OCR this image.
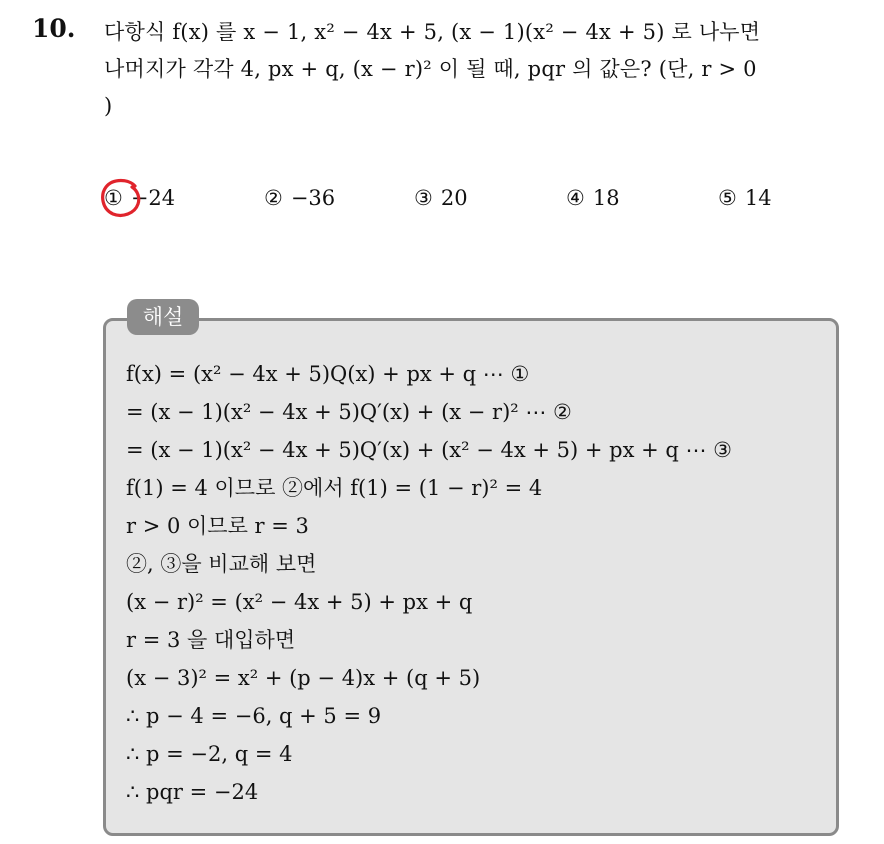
10. 다항식 f(x) 를 x − 1, x² − 4x + 5, (x − 1)(x² − 4x + 5) 로 나누면
나머지가 각각 4, px + q, (x − r)² 이 될 때, pqr 의 값은? (단, r > 0
)
① −24	② −36	③ 20	④ 18	⑤ 14
해설
f(x) = (x² − 4x + 5)Q(x) + px + q ⋯ ①
= (x − 1)(x² − 4x + 5)Q′(x) + (x − r)² ⋯ ②
= (x − 1)(x² − 4x + 5)Q′(x) + (x² − 4x + 5) + px + q ⋯ ③
f(1) = 4 이므로 ②에서 f(1) = (1 − r)² = 4
r > 0 이므로 r = 3
②, ③을 비교해 보면
(x − r)² = (x² − 4x + 5) + px + q
r = 3 을 대입하면
(x − 3)² = x² + (p − 4)x + (q + 5)
∴ p − 4 = −6, q + 5 = 9
∴ p = −2, q = 4
∴ pqr = −24
